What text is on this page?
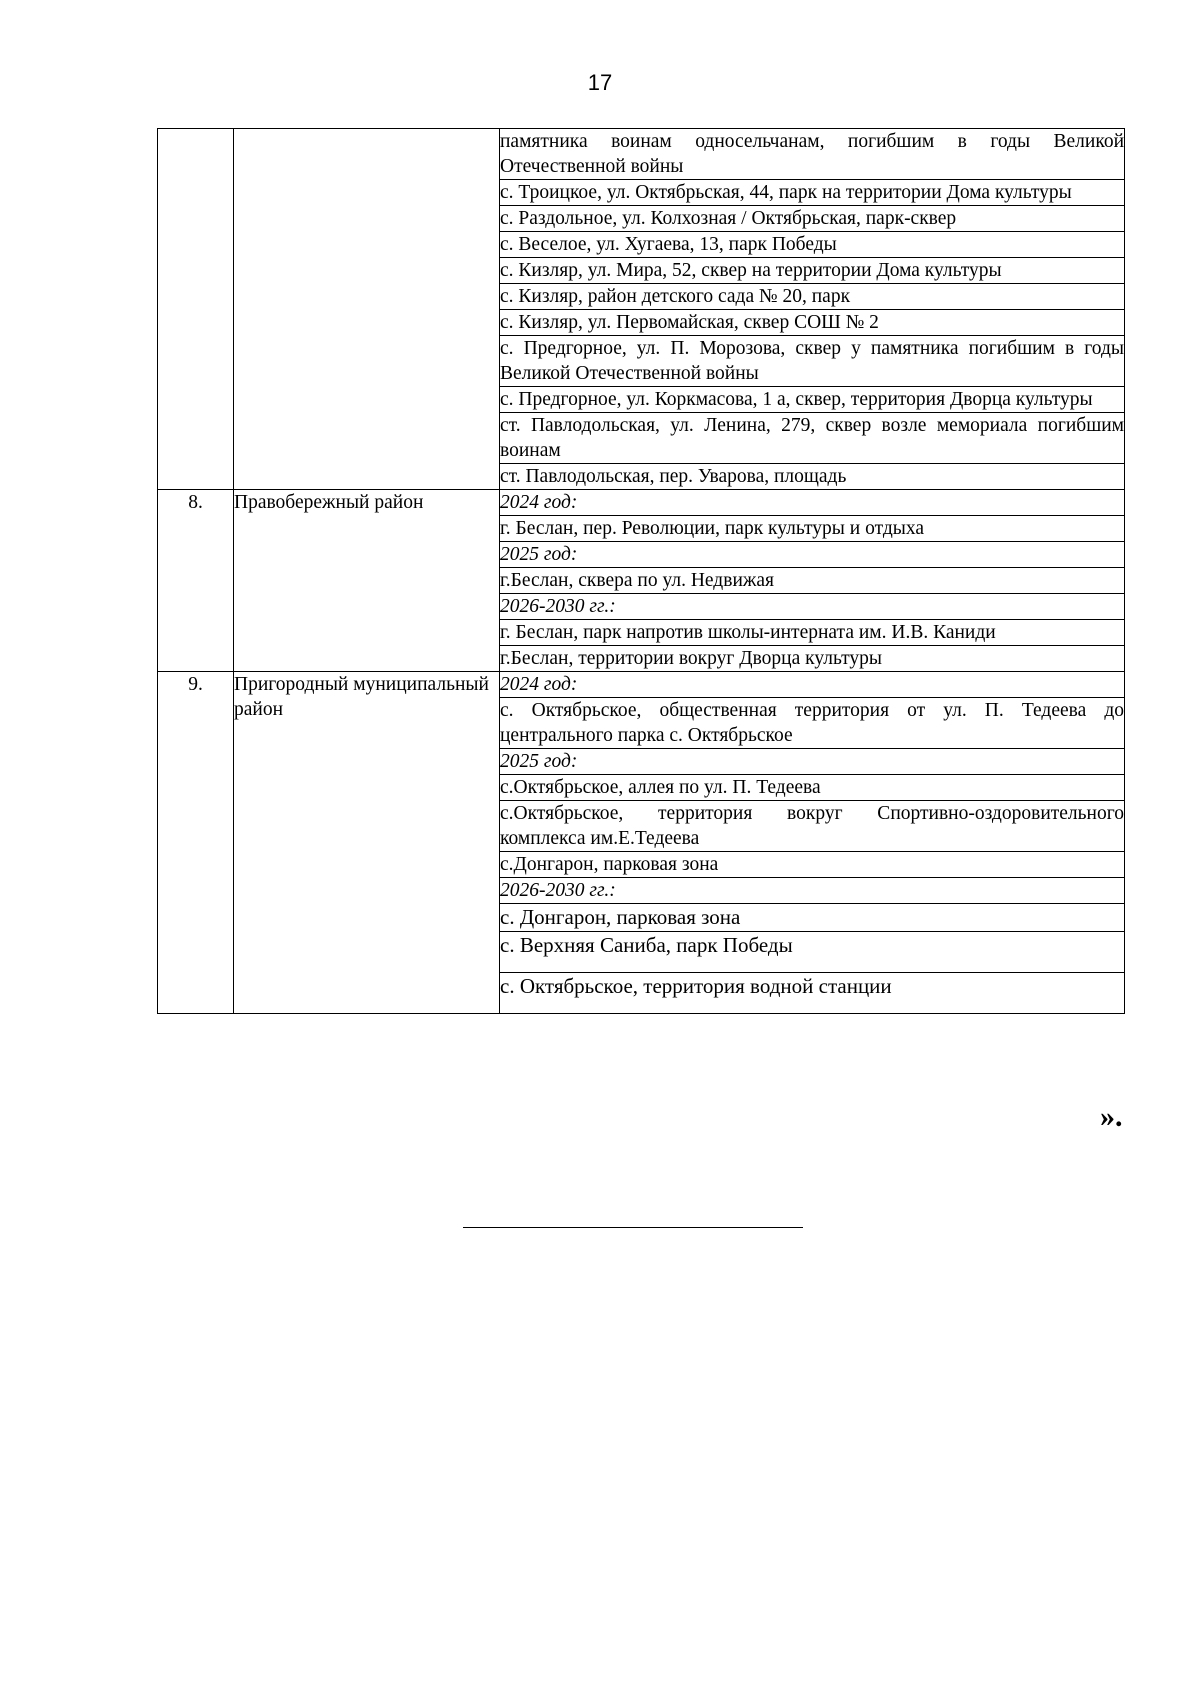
17
		памятника воинам односельчанам, погибшим в годы Великой Отечественной войны
		с. Троицкое, ул. Октябрьская, 44, парк на территории Дома культуры
		с. Раздольное, ул. Колхозная / Октябрьская, парк-сквер
		с. Веселое, ул. Хугаева, 13, парк Победы
		с. Кизляр, ул. Мира, 52, сквер на территории Дома культуры
		с. Кизляр, район детского сада № 20, парк
		с. Кизляр, ул. Первомайская, сквер СОШ № 2
		с. Предгорное, ул. П. Морозова, сквер у памятника погибшим в годы Великой Отечественной войны
		с. Предгорное, ул. Коркмасова, 1 а, сквер, территория Дворца культуры
		ст. Павлодольская, ул. Ленина, 279, сквер возле мемориала погибшим воинам
		ст. Павлодольская, пер. Уварова, площадь
8.	Правобережный район	2024 год:
		г. Беслан, пер. Революции, парк культуры и отдыха
		2025 год:
		г.Беслан, сквера по ул. Недвижая
		2026-2030 гг.:
		г. Беслан, парк напротив школы-интерната им. И.В. Каниди
		г.Беслан, территории вокруг Дворца культуры
9.	Пригородный муниципальный район	2024 год:
		с. Октябрьское, общественная территория от ул. П. Тедеева до центрального парка с. Октябрьское
		2025 год:
		с.Октябрьское, аллея по ул. П. Тедеева
		с.Октябрьское, территория вокруг Спортивно-оздоровительного комплекса им.Е.Тедеева
		с.Донгарон, парковая зона
		2026-2030 гг.:
		с. Донгарон, парковая зона
		с. Верхняя Саниба, парк Победы
		с. Октябрьское, территория водной станции
».
